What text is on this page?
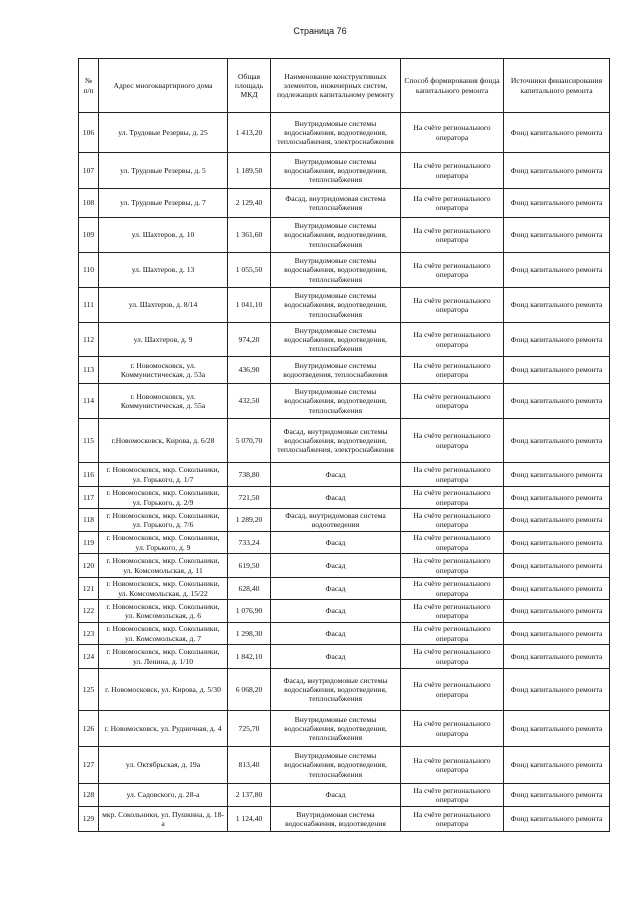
Страница 76
№ п/п	Адрес многоквартирного дома	Общая площадь МКД	Наименование конструктивных элементов, инженерных систем, подлежащих капитальному ремонту	Способ формирования фонда капитального ремонта	Источники финансирования капитального ремонта
106	ул. Трудовые Резервы, д. 25	1 413,20	Внутридомовые системы водоснабжения, водоотведения, теплоснабжения, электроснабжения	На счёте регионального оператора	Фонд капитального ремонта
107	ул. Трудовые Резервы, д. 5	1 189,50	Внутридомовые системы водоснабжения, водоотведения, теплоснабжения	На счёте регионального оператора	Фонд капитального ремонта
108	ул. Трудовые Резервы, д. 7	2 129,40	Фасад, внутридомовая система теплоснабжения	На счёте регионального оператора	Фонд капитального ремонта
109	ул. Шахтеров, д. 10	1 361,60	Внутридомовые системы водоснабжения, водоотведения, теплоснабжения	На счёте регионального оператора	Фонд капитального ремонта
110	ул. Шахтеров, д. 13	1 055,50	Внутридомовые системы водоснабжения, водоотведения, теплоснабжения	На счёте регионального оператора	Фонд капитального ремонта
111	ул. Шахтеров, д. 8/14	1 041,10	Внутридомовые системы водоснабжения, водоотведения, теплоснабжения	На счёте регионального оператора	Фонд капитального ремонта
112	ул. Шахтеров, д. 9	974,20	Внутридомовые системы водоснабжения, водоотведения, теплоснабжения	На счёте регионального оператора	Фонд капитального ремонта
113	г. Новомосковск, ул. Коммунистическая, д. 53а	436,90	Внутридомовые системы водоотведения, теплоснабжения	На счёте регионального оператора	Фонд капитального ремонта
114	г. Новомосковск, ул. Коммунистическая, д. 55а	432,50	Внутридомовые системы водоснабжения, водоотведения, теплоснабжения	На счёте регионального оператора	Фонд капитального ремонта
115	г.Новомосковск, Кирова, д. 6/28	5 070,70	Фасад, внутридомовые системы водоснабжения, водоотведения, теплоснабжения, электроснабжения	На счёте регионального оператора	Фонд капитального ремонта
116	г. Новомосковск, мкр. Сокольники, ул. Горького, д. 1/7	738,80	Фасад	На счёте регионального оператора	Фонд капитального ремонта
117	г. Новомосковск, мкр. Сокольники, ул. Горького, д. 2/9	721,50	Фасад	На счёте регионального оператора	Фонд капитального ремонта
118	г. Новомосковск, мкр. Сокольники, ул. Горького, д. 7/6	1 289,20	Фасад, внутридомовая система водоотведения	На счёте регионального оператора	Фонд капитального ремонта
119	г. Новомосковск, мкр. Сокольники, ул. Горького, д. 9	733,24	Фасад	На счёте регионального оператора	Фонд капитального ремонта
120	г. Новомосковск, мкр. Сокольники, ул. Комсомольская, д. 11	619,50	Фасад	На счёте регионального оператора	Фонд капитального ремонта
121	г. Новомосковск, мкр. Сокольники, ул. Комсомольская, д. 15/22	628,40	Фасад	На счёте регионального оператора	Фонд капитального ремонта
122	г. Новомосковск, мкр. Сокольники, ул. Комсомольская, д. 6	1 076,90	Фасад	На счёте регионального оператора	Фонд капитального ремонта
123	г. Новомосковск, мкр. Сокольники, ул. Комсомольская, д. 7	1 298,30	Фасад	На счёте регионального оператора	Фонд капитального ремонта
124	г. Новомосковск, мкр. Сокольники, ул. Ленина, д. 1/10	1 842,10	Фасад	На счёте регионального оператора	Фонд капитального ремонта
125	г. Новомосковск, ул. Кирова, д. 5/30	6 068,20	Фасад, внутридомовые системы водоснабжения, водоотведения, теплоснабжения	На счёте регионального оператора	Фонд капитального ремонта
126	г. Новомосковск, ул. Рудничная, д. 4	725,70	Внутридомовые системы водоснабжения, водоотведения, теплоснабжения	На счёте регионального оператора	Фонд капитального ремонта
127	ул. Октябрьская, д. 19а	813,40	Внутридомовые системы водоснабжения, водоотведения, теплоснабжения	На счёте регионального оператора	Фонд капитального ремонта
128	ул. Садовского, д. 28-а	2 137,80	Фасад	На счёте регионального оператора	Фонд капитального ремонта
129	мкр. Сокольники, ул. Пушкина, д. 18-а	1 124,40	Внутридомовая система водоснабжения, водоотведения	На счёте регионального оператора	Фонд капитального ремонта
